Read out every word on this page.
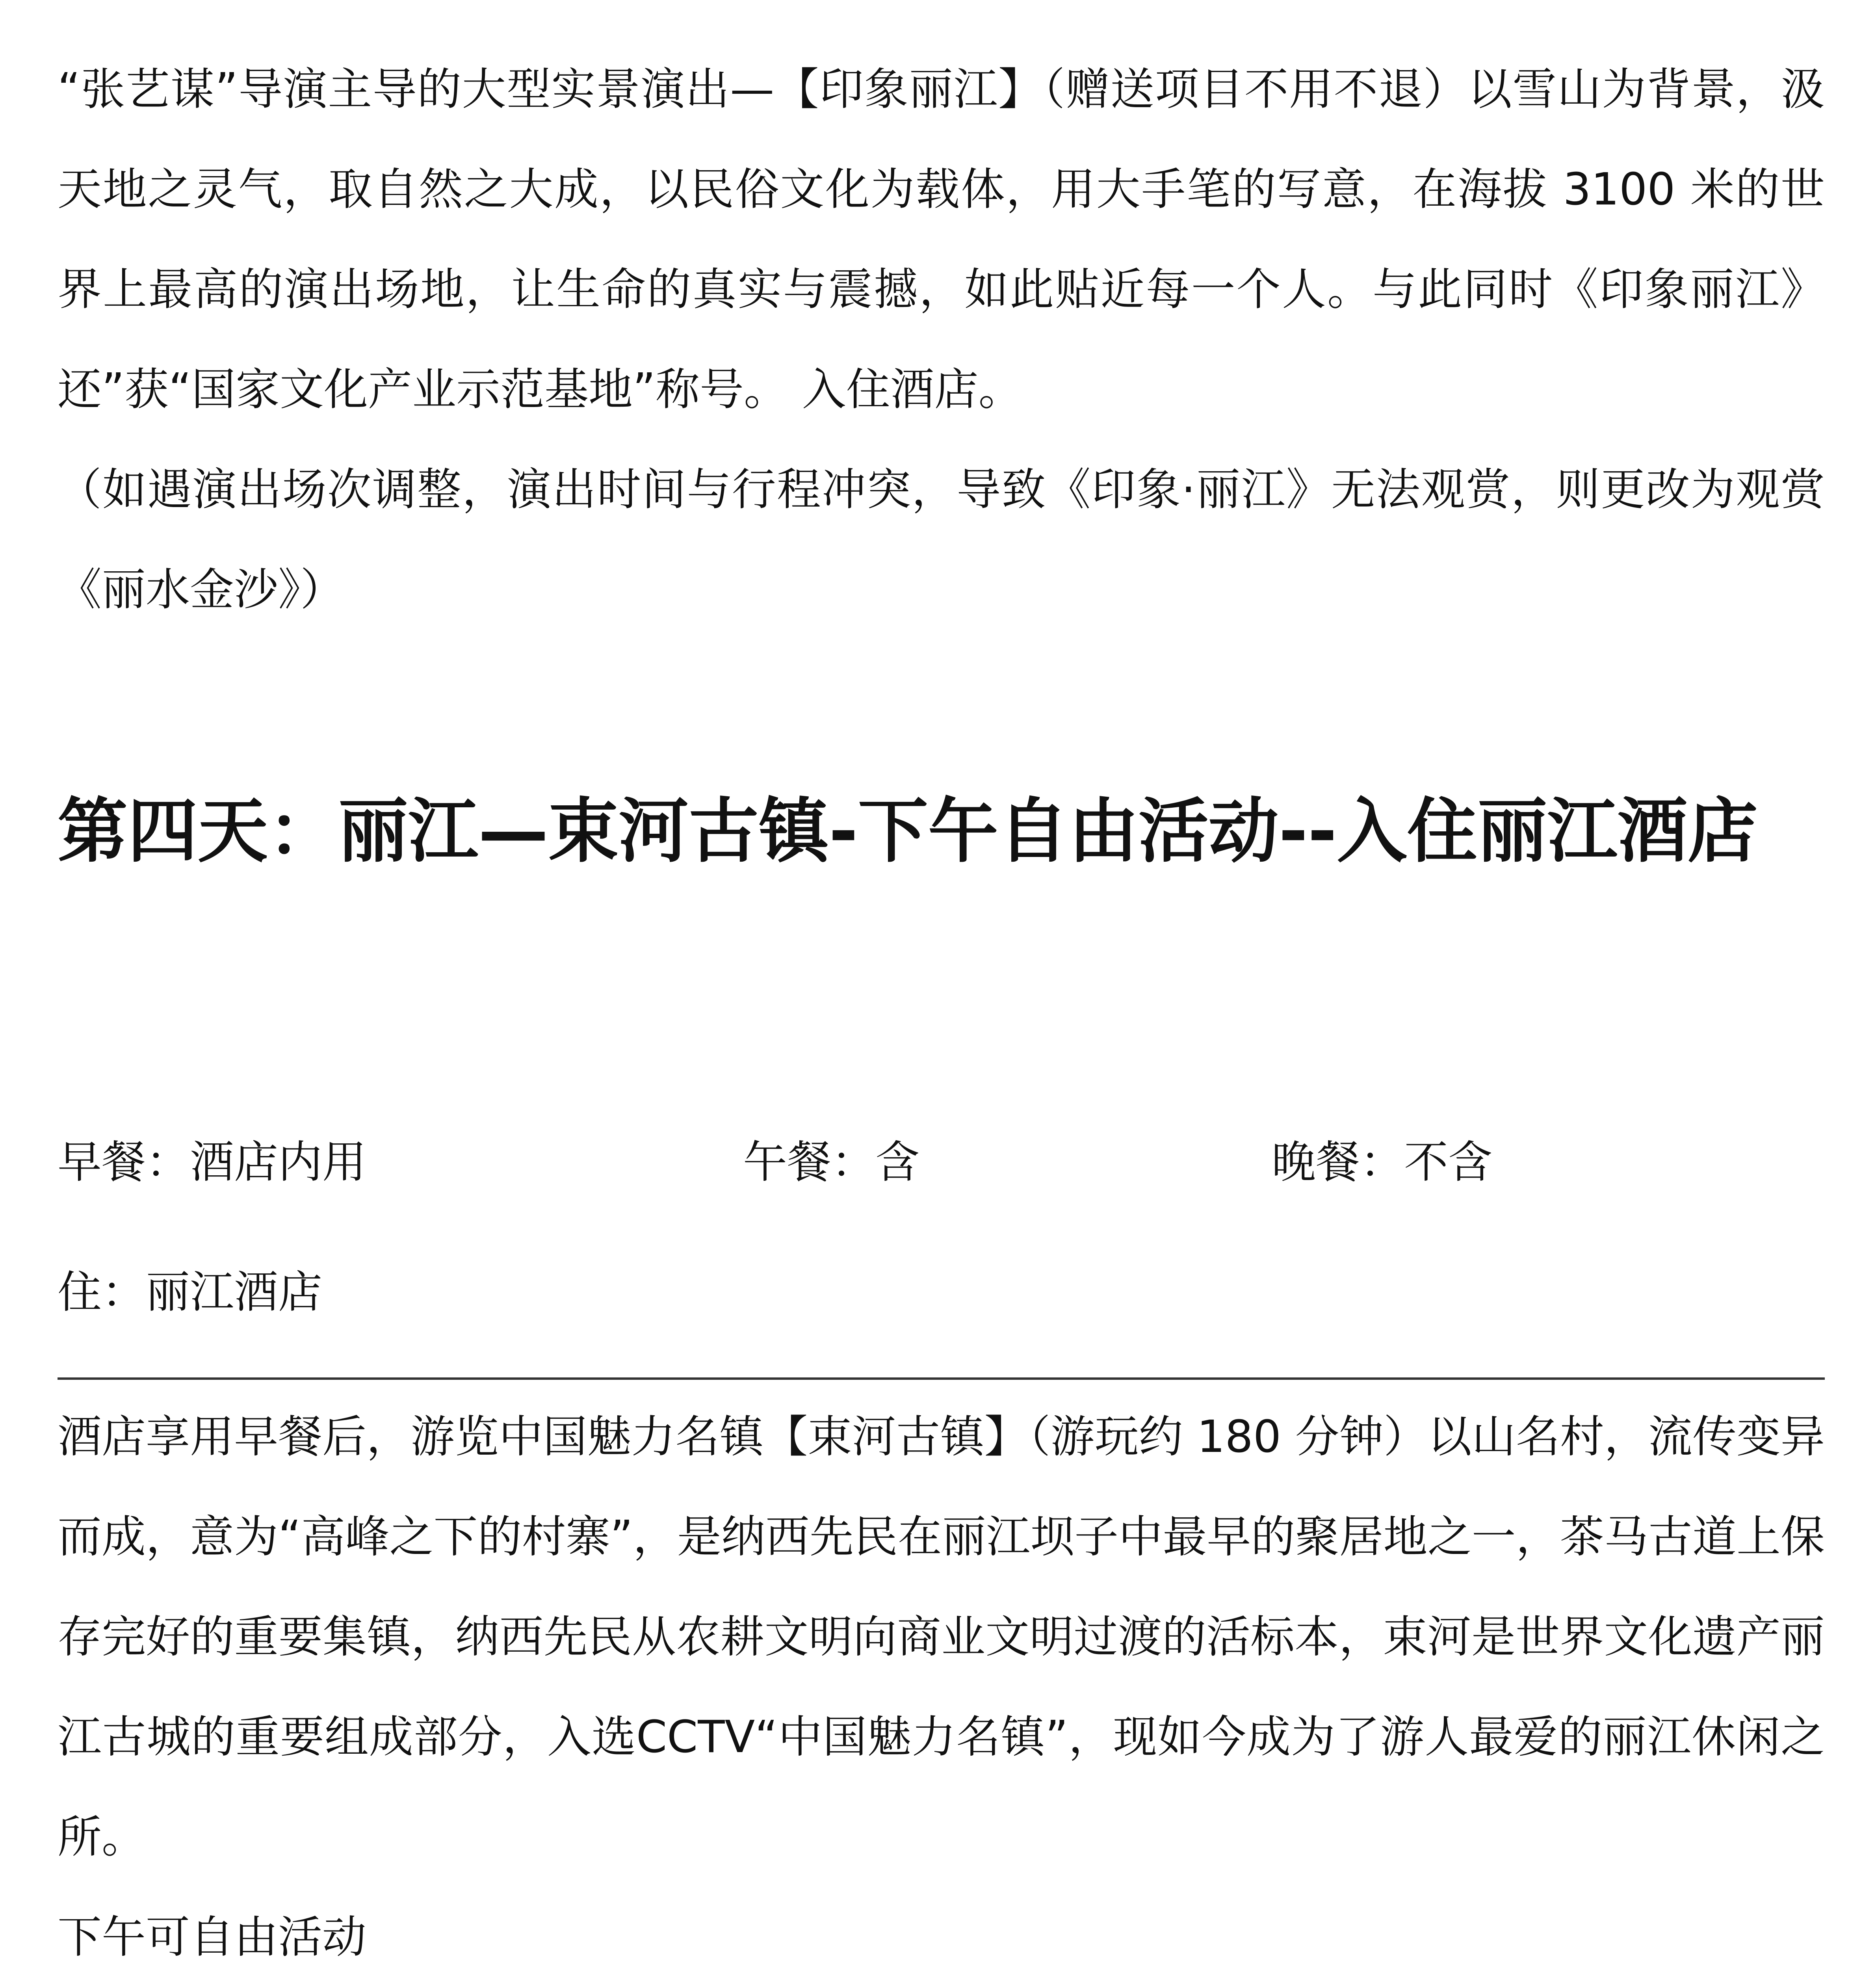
“张艺谋”导演主导的大型实景演出—【印象丽江】（赠送项目不用不退）以雪山为背景，汲天地之灵气，取自然之大成，以民俗文化为载体，用大手笔的写意，在海拔 3100 米的世界上最高的演出场地，让生命的真实与震撼，如此贴近每一个人。与此同时《印象丽江》还”获“国家文化产业示范基地”称号。 入住酒店。

（如遇演出场次调整，演出时间与行程冲突，导致《印象·丽江》无法观赏，则更改为观赏《丽水金沙》）

第四天：丽江—束河古镇-下午自由活动--入住丽江酒店
早餐：酒店内用	午餐：含	晚餐：不含
住：丽江酒店

酒店享用早餐后，游览中国魅力名镇【束河古镇】（游玩约 180 分钟）以山名村，流传变异而成，意为“高峰之下的村寨”，是纳西先民在丽江坝子中最早的聚居地之一，茶马古道上保存完好的重要集镇，纳西先民从农耕文明向商业文明过渡的活标本，束河是世界文化遗产丽江古城的重要组成部分，入选CCTV“中国魅力名镇”，现如今成为了游人最爱的丽江休闲之所。

下午可自由活动
